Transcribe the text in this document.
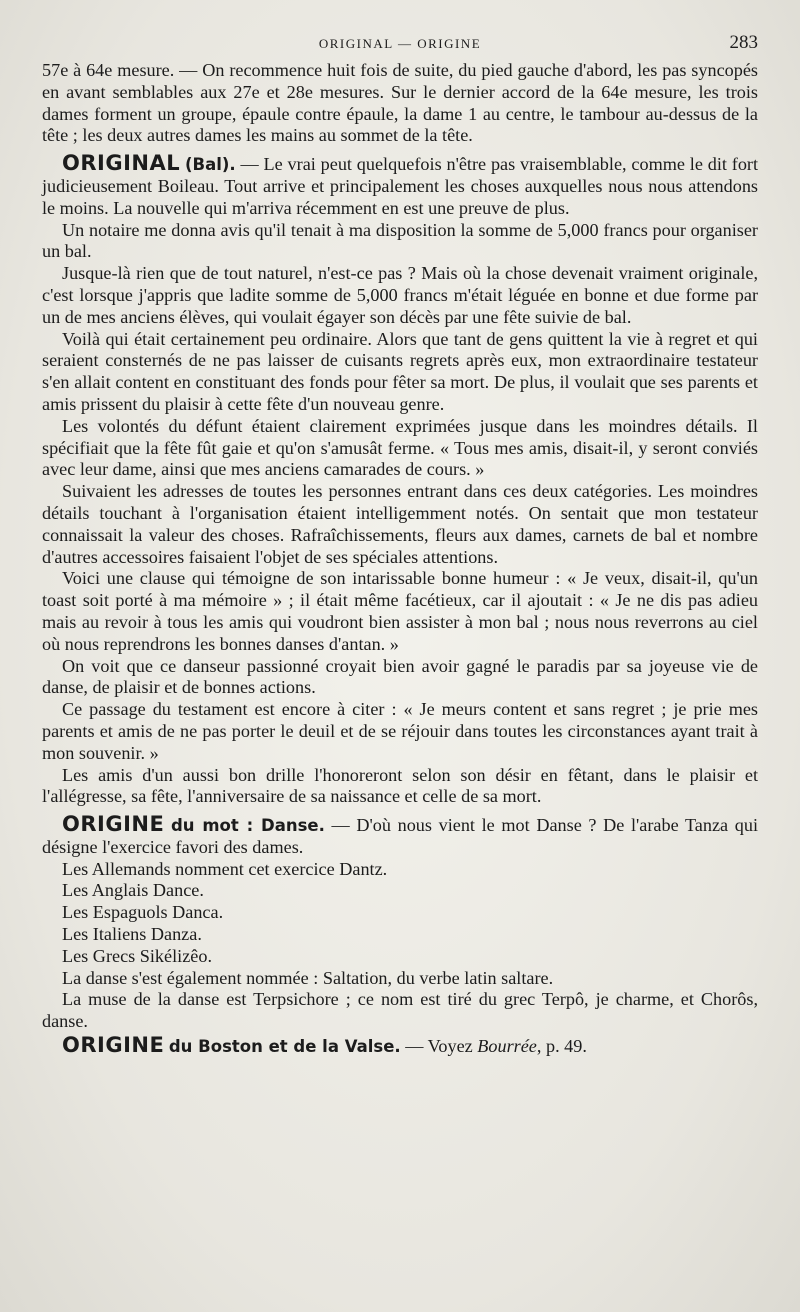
ORIGINAL — ORIGINE	283

57e à 64e mesure. — On recommence huit fois de suite, du pied gauche d'abord, les pas syncopés en avant semblables aux 27e et 28e mesures. Sur le dernier accord de la 64e mesure, les trois dames forment un groupe, épaule contre épaule, la dame 1 au centre, le tambour au-dessus de la tête ; les deux autres dames les mains au sommet de la tête.

ORIGINAL (Bal). — Le vrai peut quelquefois n'être pas vraisemblable, comme le dit fort judicieusement Boileau. Tout arrive et principalement les choses auxquelles nous nous attendons le moins. La nouvelle qui m'arriva récemment en est une preuve de plus.

Un notaire me donna avis qu'il tenait à ma disposition la somme de 5,000 francs pour organiser un bal.

Jusque-là rien que de tout naturel, n'est-ce pas ? Mais où la chose devenait vraiment originale, c'est lorsque j'appris que ladite somme de 5,000 francs m'était léguée en bonne et due forme par un de mes anciens élèves, qui voulait égayer son décès par une fête suivie de bal.

Voilà qui était certainement peu ordinaire. Alors que tant de gens quittent la vie à regret et qui seraient consternés de ne pas laisser de cuisants regrets après eux, mon extraordinaire testateur s'en allait content en constituant des fonds pour fêter sa mort. De plus, il voulait que ses parents et amis prissent du plaisir à cette fête d'un nouveau genre.

Les volontés du défunt étaient clairement exprimées jusque dans les moindres détails. Il spécifiait que la fête fût gaie et qu'on s'amusât ferme. « Tous mes amis, disait-il, y seront conviés avec leur dame, ainsi que mes anciens camarades de cours. »

Suivaient les adresses de toutes les personnes entrant dans ces deux catégories. Les moindres détails touchant à l'organisation étaient intelligemment notés. On sentait que mon testateur connaissait la valeur des choses. Rafraîchissements, fleurs aux dames, carnets de bal et nombre d'autres accessoires faisaient l'objet de ses spéciales attentions.

Voici une clause qui témoigne de son intarissable bonne humeur : « Je veux, disait-il, qu'un toast soit porté à ma mémoire » ; il était même facétieux, car il ajoutait : « Je ne dis pas adieu mais au revoir à tous les amis qui voudront bien assister à mon bal ; nous nous reverrons au ciel où nous reprendrons les bonnes danses d'antan. »

On voit que ce danseur passionné croyait bien avoir gagné le paradis par sa joyeuse vie de danse, de plaisir et de bonnes actions.

Ce passage du testament est encore à citer : « Je meurs content et sans regret ; je prie mes parents et amis de ne pas porter le deuil et de se réjouir dans toutes les circonstances ayant trait à mon souvenir. »

Les amis d'un aussi bon drille l'honoreront selon son désir en fêtant, dans le plaisir et l'allégresse, sa fête, l'anniversaire de sa naissance et celle de sa mort.

ORIGINE du mot : Danse. — D'où nous vient le mot Danse ? De l'arabe Tanza qui désigne l'exercice favori des dames.

Les Allemands nomment cet exercice Dantz.

Les Anglais Dance.

Les Espaguols Danca.

Les Italiens Danza.

Les Grecs Sikélizêo.

La danse s'est également nommée : Saltation, du verbe latin saltare.

La muse de la danse est Terpsichore ; ce nom est tiré du grec Terpô, je charme, et Chorôs, danse.

ORIGINE du Boston et de la Valse. — Voyez Bourrée, p. 49.
